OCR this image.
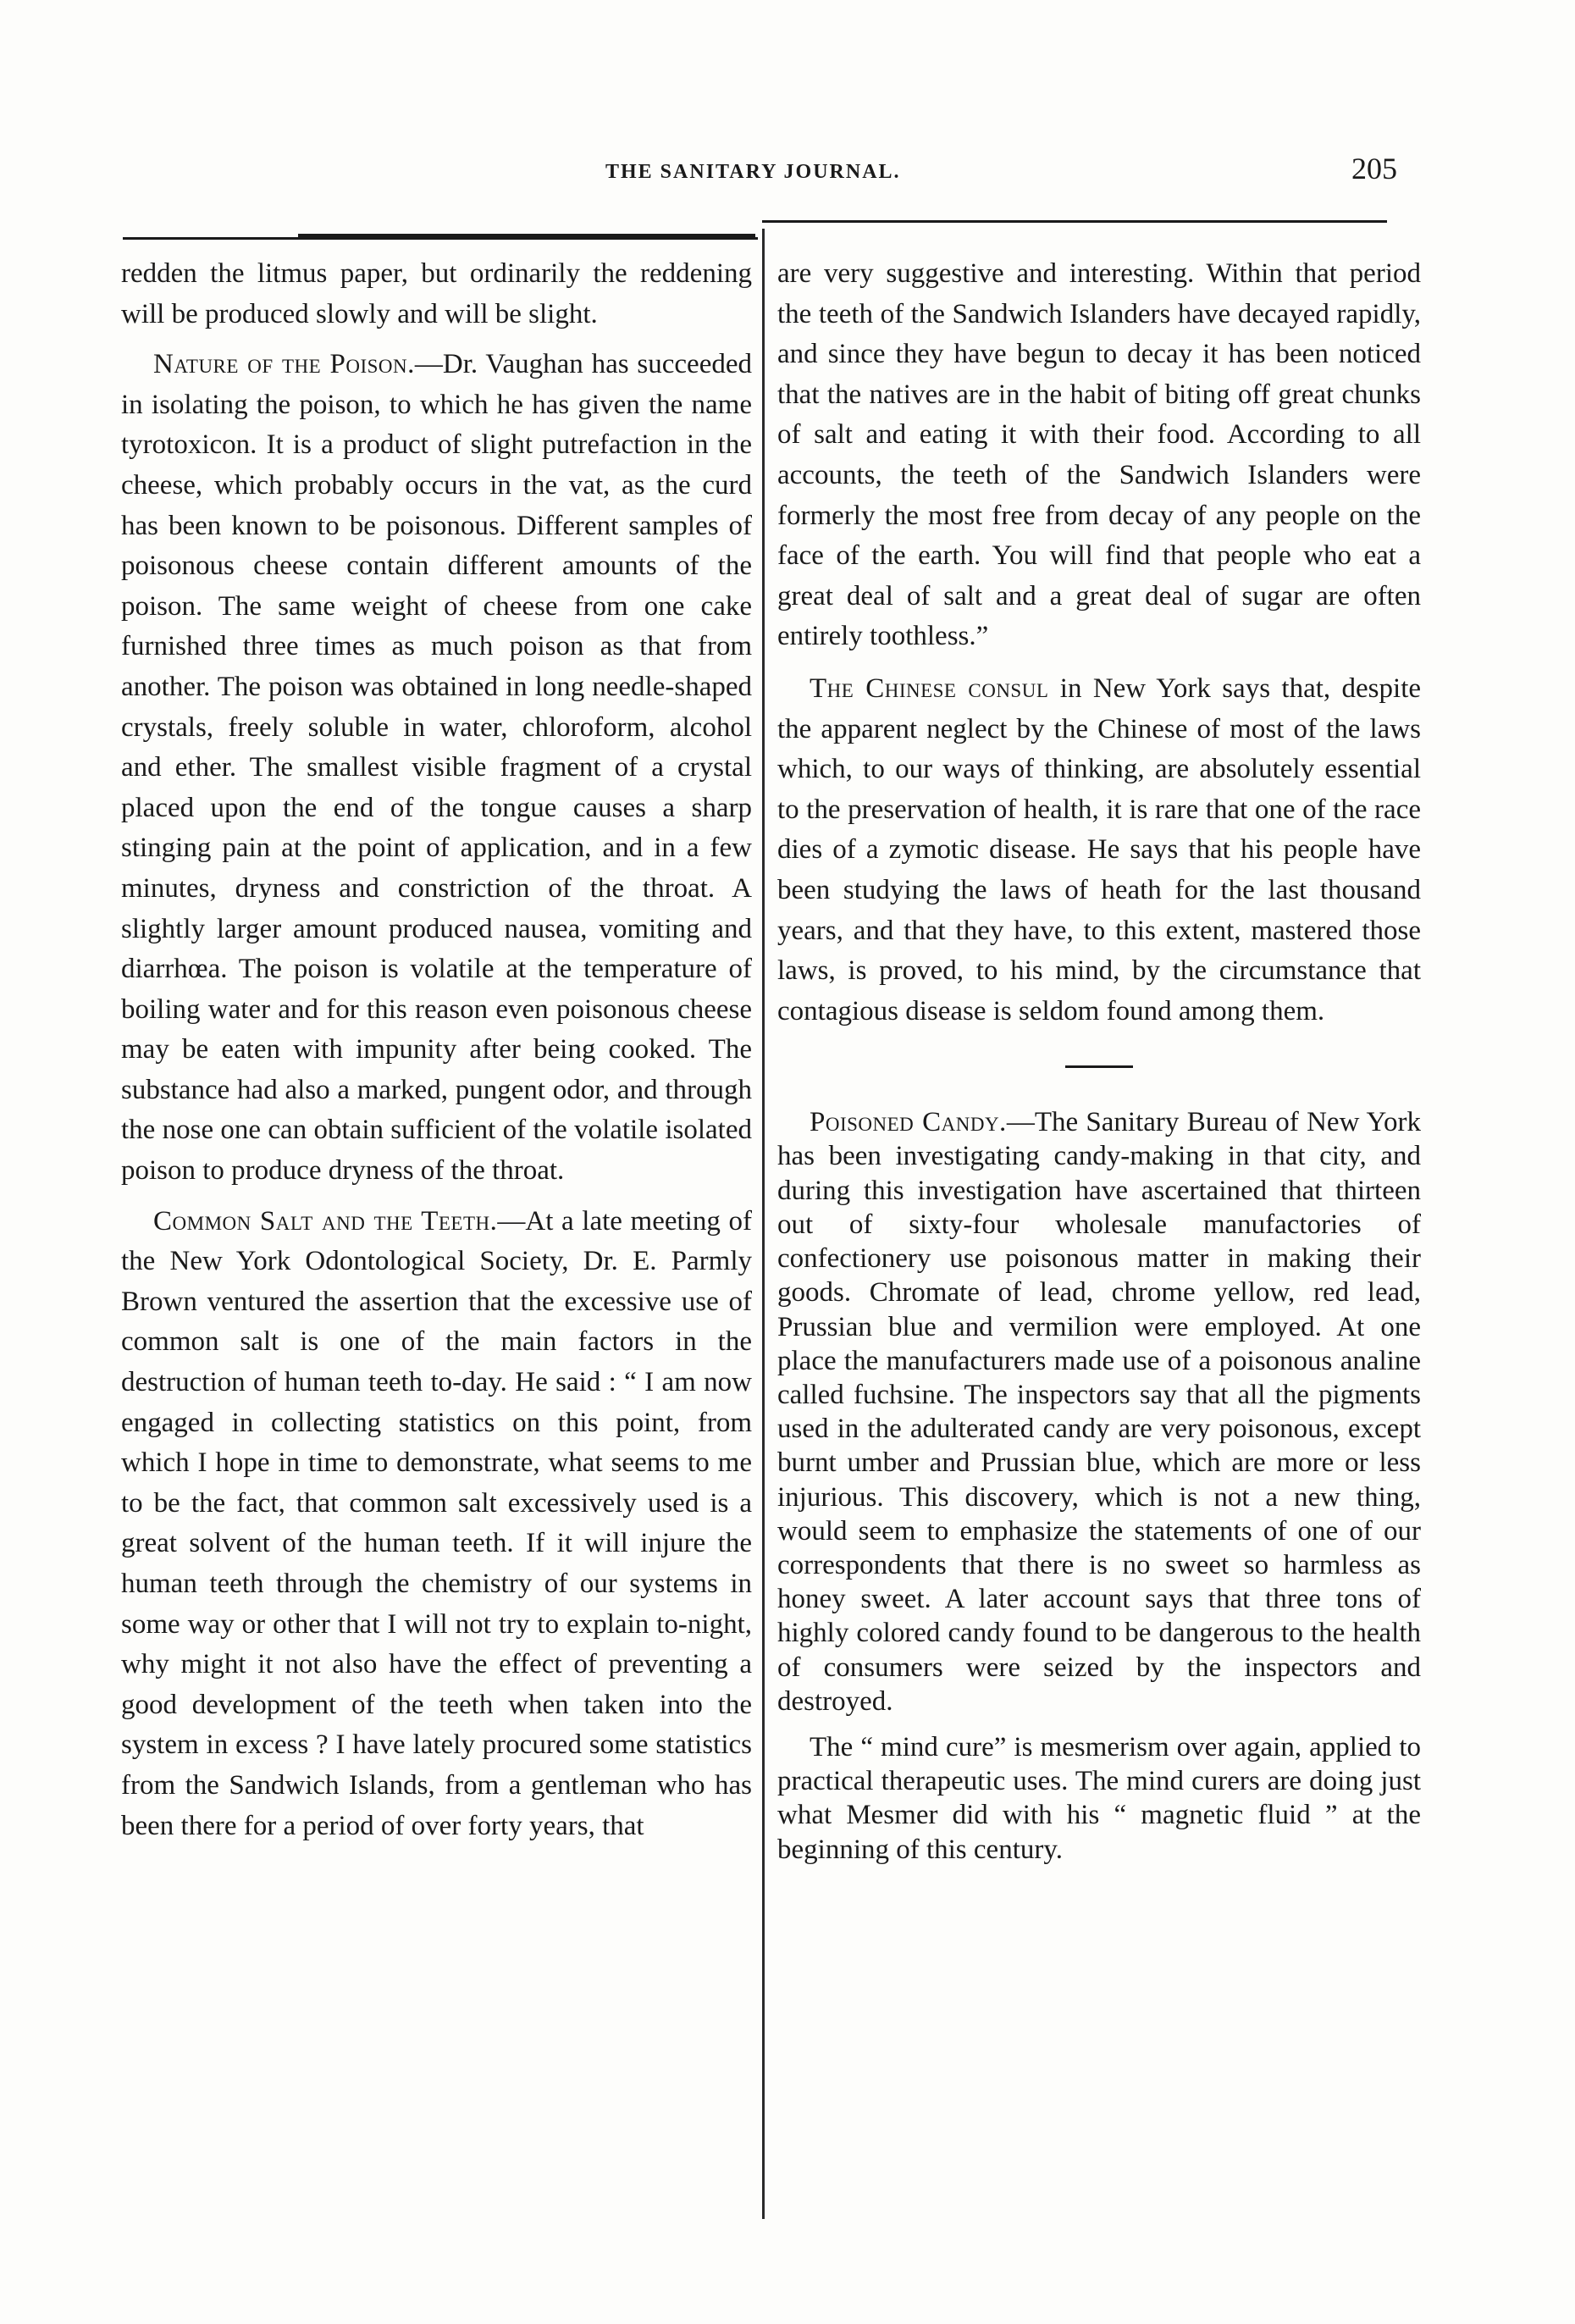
THE SANITARY JOURNAL.	205

redden the litmus paper, but ordinarily the reddening will be produced slowly and will be slight.

Nature of the Poison.—Dr. Vaughan has succeeded in isolating the poison, to which he has given the name tyrotoxicon. It is a product of slight putrefaction in the cheese, which probably occurs in the vat, as the curd has been known to be poisonous. Different samples of poisonous cheese contain different amounts of the poison. The same weight of cheese from one cake furnished three times as much poison as that from another. The poison was obtained in long needle-shaped crystals, freely soluble in water, chloroform, alcohol and ether. The smallest visible fragment of a crystal placed upon the end of the tongue causes a sharp stinging pain at the point of application, and in a few minutes, dryness and constriction of the throat. A slightly larger amount produced nausea, vomiting and diarrhœa. The poison is volatile at the temperature of boiling water and for this reason even poisonous cheese may be eaten with impunity after being cooked. The substance had also a marked, pungent odor, and through the nose one can obtain sufficient of the volatile isolated poison to produce dryness of the throat.

Common Salt and the Teeth.—At a late meeting of the New York Odontological Society, Dr. E. Parmly Brown ventured the assertion that the excessive use of common salt is one of the main factors in the destruction of human teeth to-day. He said : “ I am now engaged in collecting statistics on this point, from which I hope in time to demonstrate, what seems to me to be the fact, that common salt excessively used is a great solvent of the human teeth. If it will injure the human teeth through the chemistry of our systems in some way or other that I will not try to explain to-night, why might it not also have the effect of preventing a good development of the teeth when taken into the system in excess ? I have lately procured some statistics from the Sandwich Islands, from a gentleman who has been there for a period of over forty years, that

are very suggestive and interesting. Within that period the teeth of the Sandwich Islanders have decayed rapidly, and since they have begun to decay it has been noticed that the natives are in the habit of biting off great chunks of salt and eating it with their food. According to all accounts, the teeth of the Sandwich Islanders were formerly the most free from decay of any people on the face of the earth. You will find that people who eat a great deal of salt and a great deal of sugar are often entirely toothless.”

The Chinese consul in New York says that, despite the apparent neglect by the Chinese of most of the laws which, to our ways of thinking, are absolutely essential to the preservation of health, it is rare that one of the race dies of a zymotic disease. He says that his people have been studying the laws of heath for the last thousand years, and that they have, to this extent, mastered those laws, is proved, to his mind, by the circumstance that contagious disease is seldom found among them.

Poisoned Candy.—The Sanitary Bureau of New York has been investigating candy-making in that city, and during this investigation have ascertained that thirteen out of sixty-four wholesale manufactories of confectionery use poisonous matter in making their goods. Chromate of lead, chrome yellow, red lead, Prussian blue and vermilion were employed. At one place the manufacturers made use of a poisonous analine called fuchsine. The inspectors say that all the pigments used in the adulterated candy are very poisonous, except burnt umber and Prussian blue, which are more or less injurious. This discovery, which is not a new thing, would seem to emphasize the statements of one of our correspondents that there is no sweet so harmless as honey sweet. A later account says that three tons of highly colored candy found to be dangerous to the health of consumers were seized by the inspectors and destroyed.

The “ mind cure” is mesmerism over again, applied to practical therapeutic uses. The mind curers are doing just what Mesmer did with his “ magnetic fluid ” at the beginning of this century.
